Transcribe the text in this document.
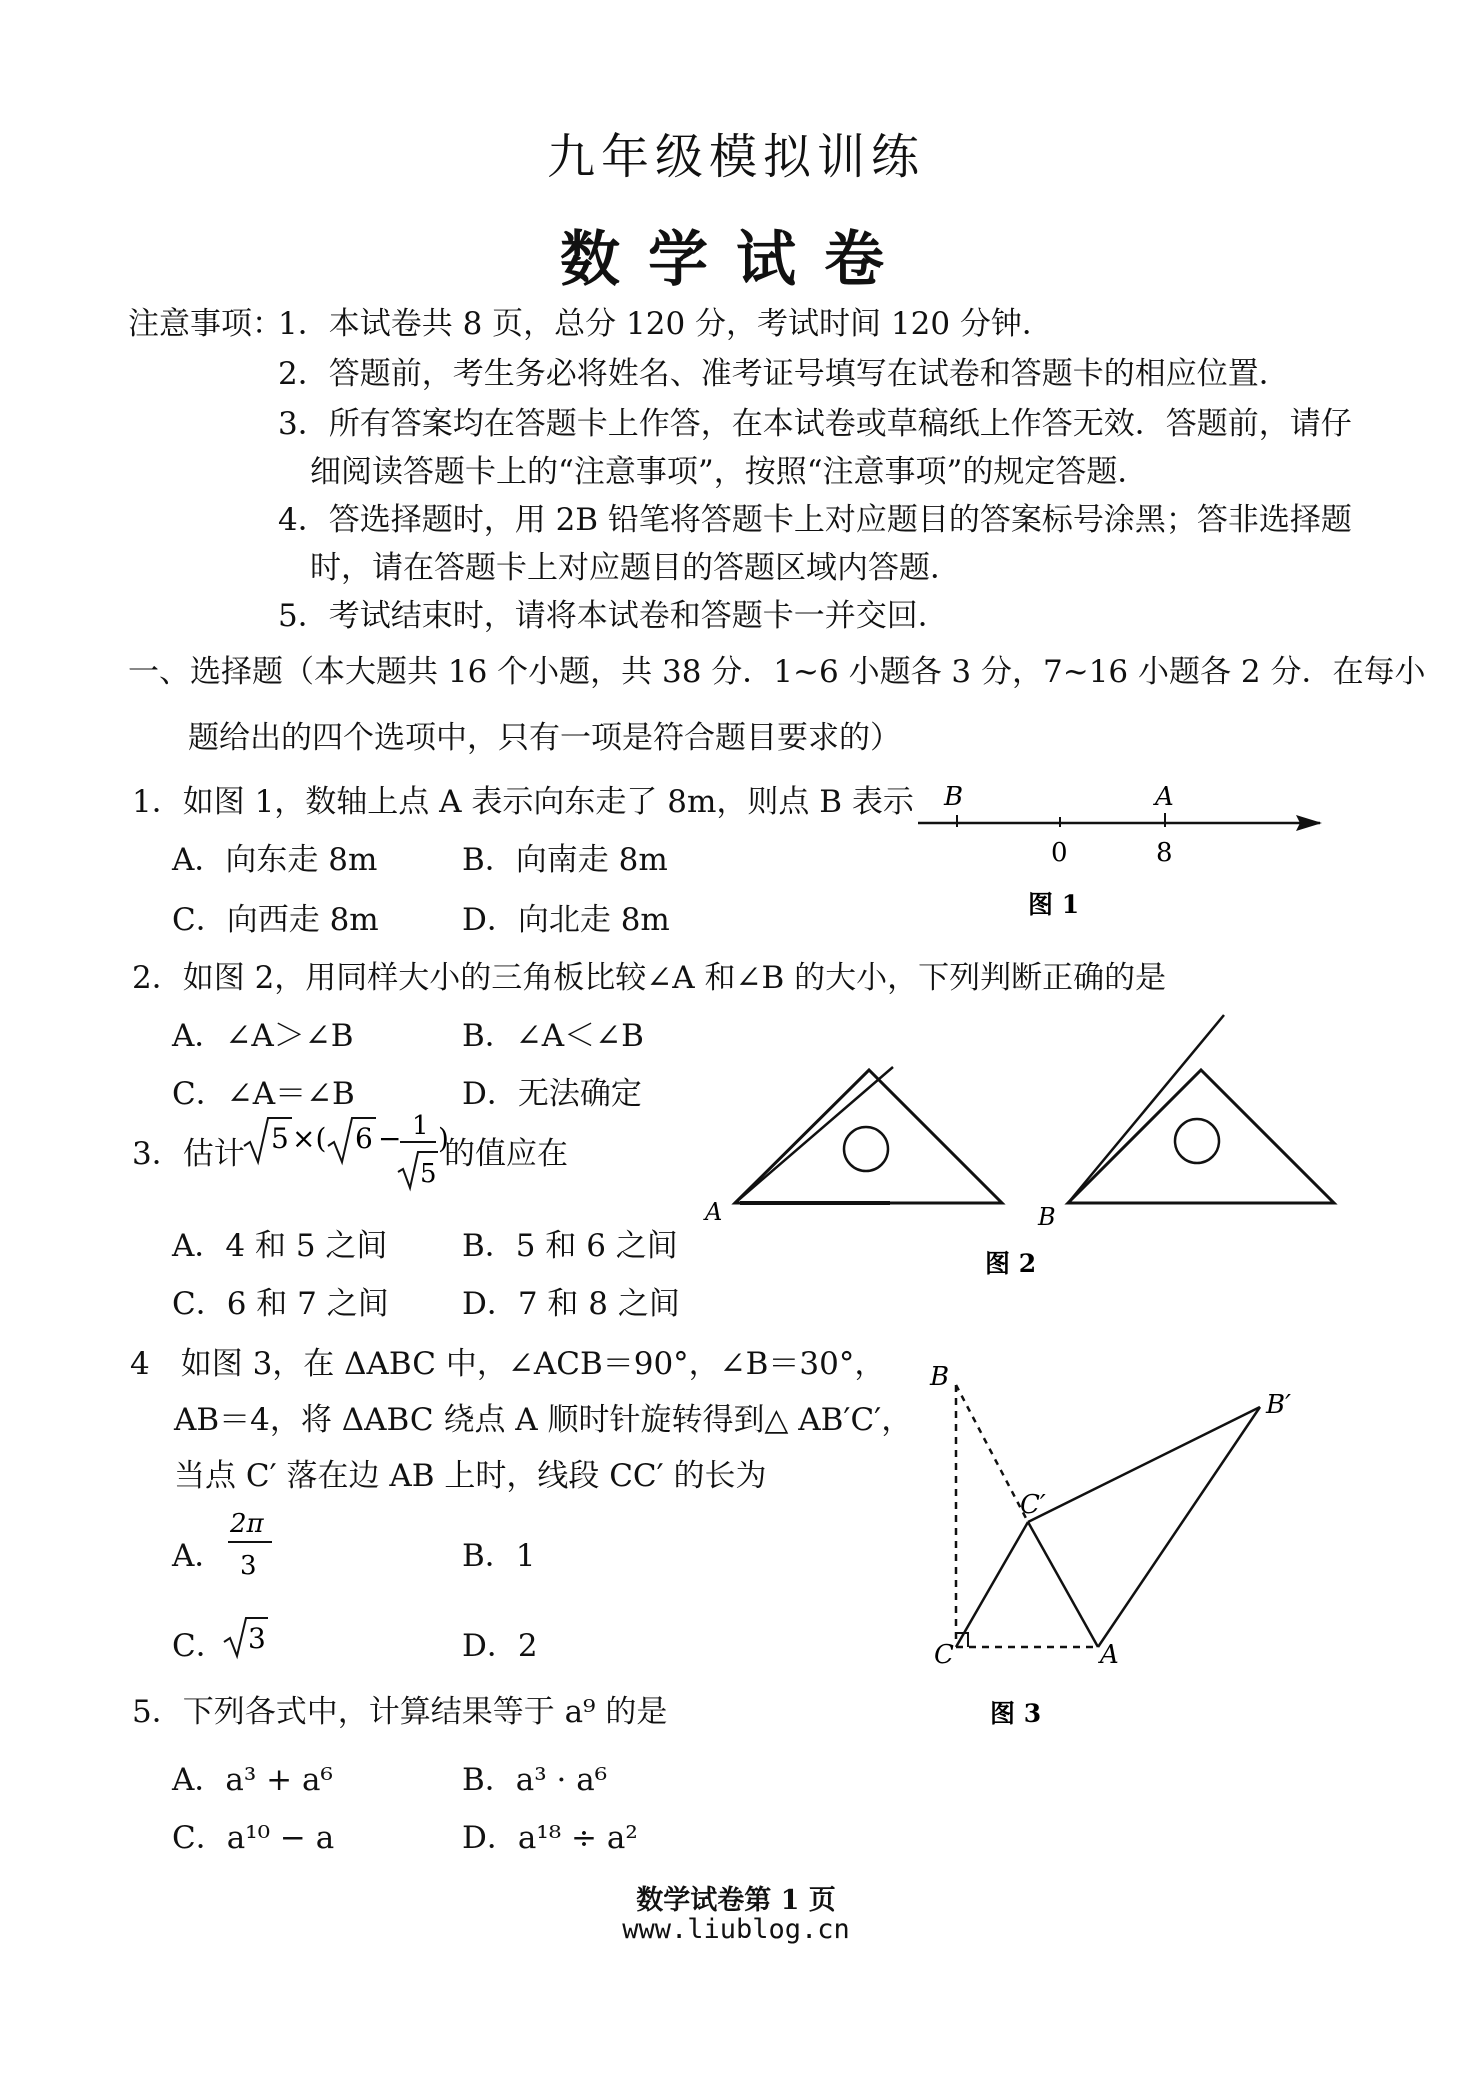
九年级模拟训练
数学试卷
注意事项：
1．本试卷共 8 页，总分 120 分，考试时间 120 分钟．
2．答题前，考生务必将姓名、准考证号填写在试卷和答题卡的相应位置．
3．所有答案均在答题卡上作答，在本试卷或草稿纸上作答无效．答题前，请仔
细阅读答题卡上的“注意事项”，按照“注意事项”的规定答题．
4．答选择题时，用 2B 铅笔将答题卡上对应题目的答案标号涂黑；答非选择题
时，请在答题卡上对应题目的答题区域内答题．
5．考试结束时，请将本试卷和答题卡一并交回．
一、选择题（本大题共 16 个小题，共 38 分．1~6 小题各 3 分，7~16 小题各 2 分．在每小
题给出的四个选项中，只有一项是符合题目要求的）
1．如图 1，数轴上点 A 表示向东走了 8m，则点 B 表示
A．向东走 8m	B．向南走 8m
C．向西走 8m	D．向北走 8m
B	A
0	8
图 1
2．如图 2，用同样大小的三角板比较∠A 和∠B 的大小，下列判断正确的是
A．∠A＞∠B	B．∠A＜∠B
C．∠A＝∠B	D．无法确定
A	B
图 2
3．估计 5 ×( 6 − 1
5
)
的值应在
A．4 和 5 之间 B．5 和 6 之间
C．6 和 7 之间 D．7 和 8 之间
4　如图 3，在 ΔABC 中，∠ACB＝90°，∠B＝30°，
AB＝4，将 ΔABC 绕点 A 顺时针旋转得到△ AB′C′，
当点 C′ 落在边 AB 上时，线段 CC′ 的长为
A．
2π
3	B．1
C． 3	D．2
B
B′
C′
C	A
图 3
5．下列各式中，计算结果等于 a⁹ 的是
A．a³ + a⁶	B．a³ · a⁶
C．a¹⁰ − a	D．a¹⁸ ÷ a²
数学试卷第 1 页
www.liublog.cn
